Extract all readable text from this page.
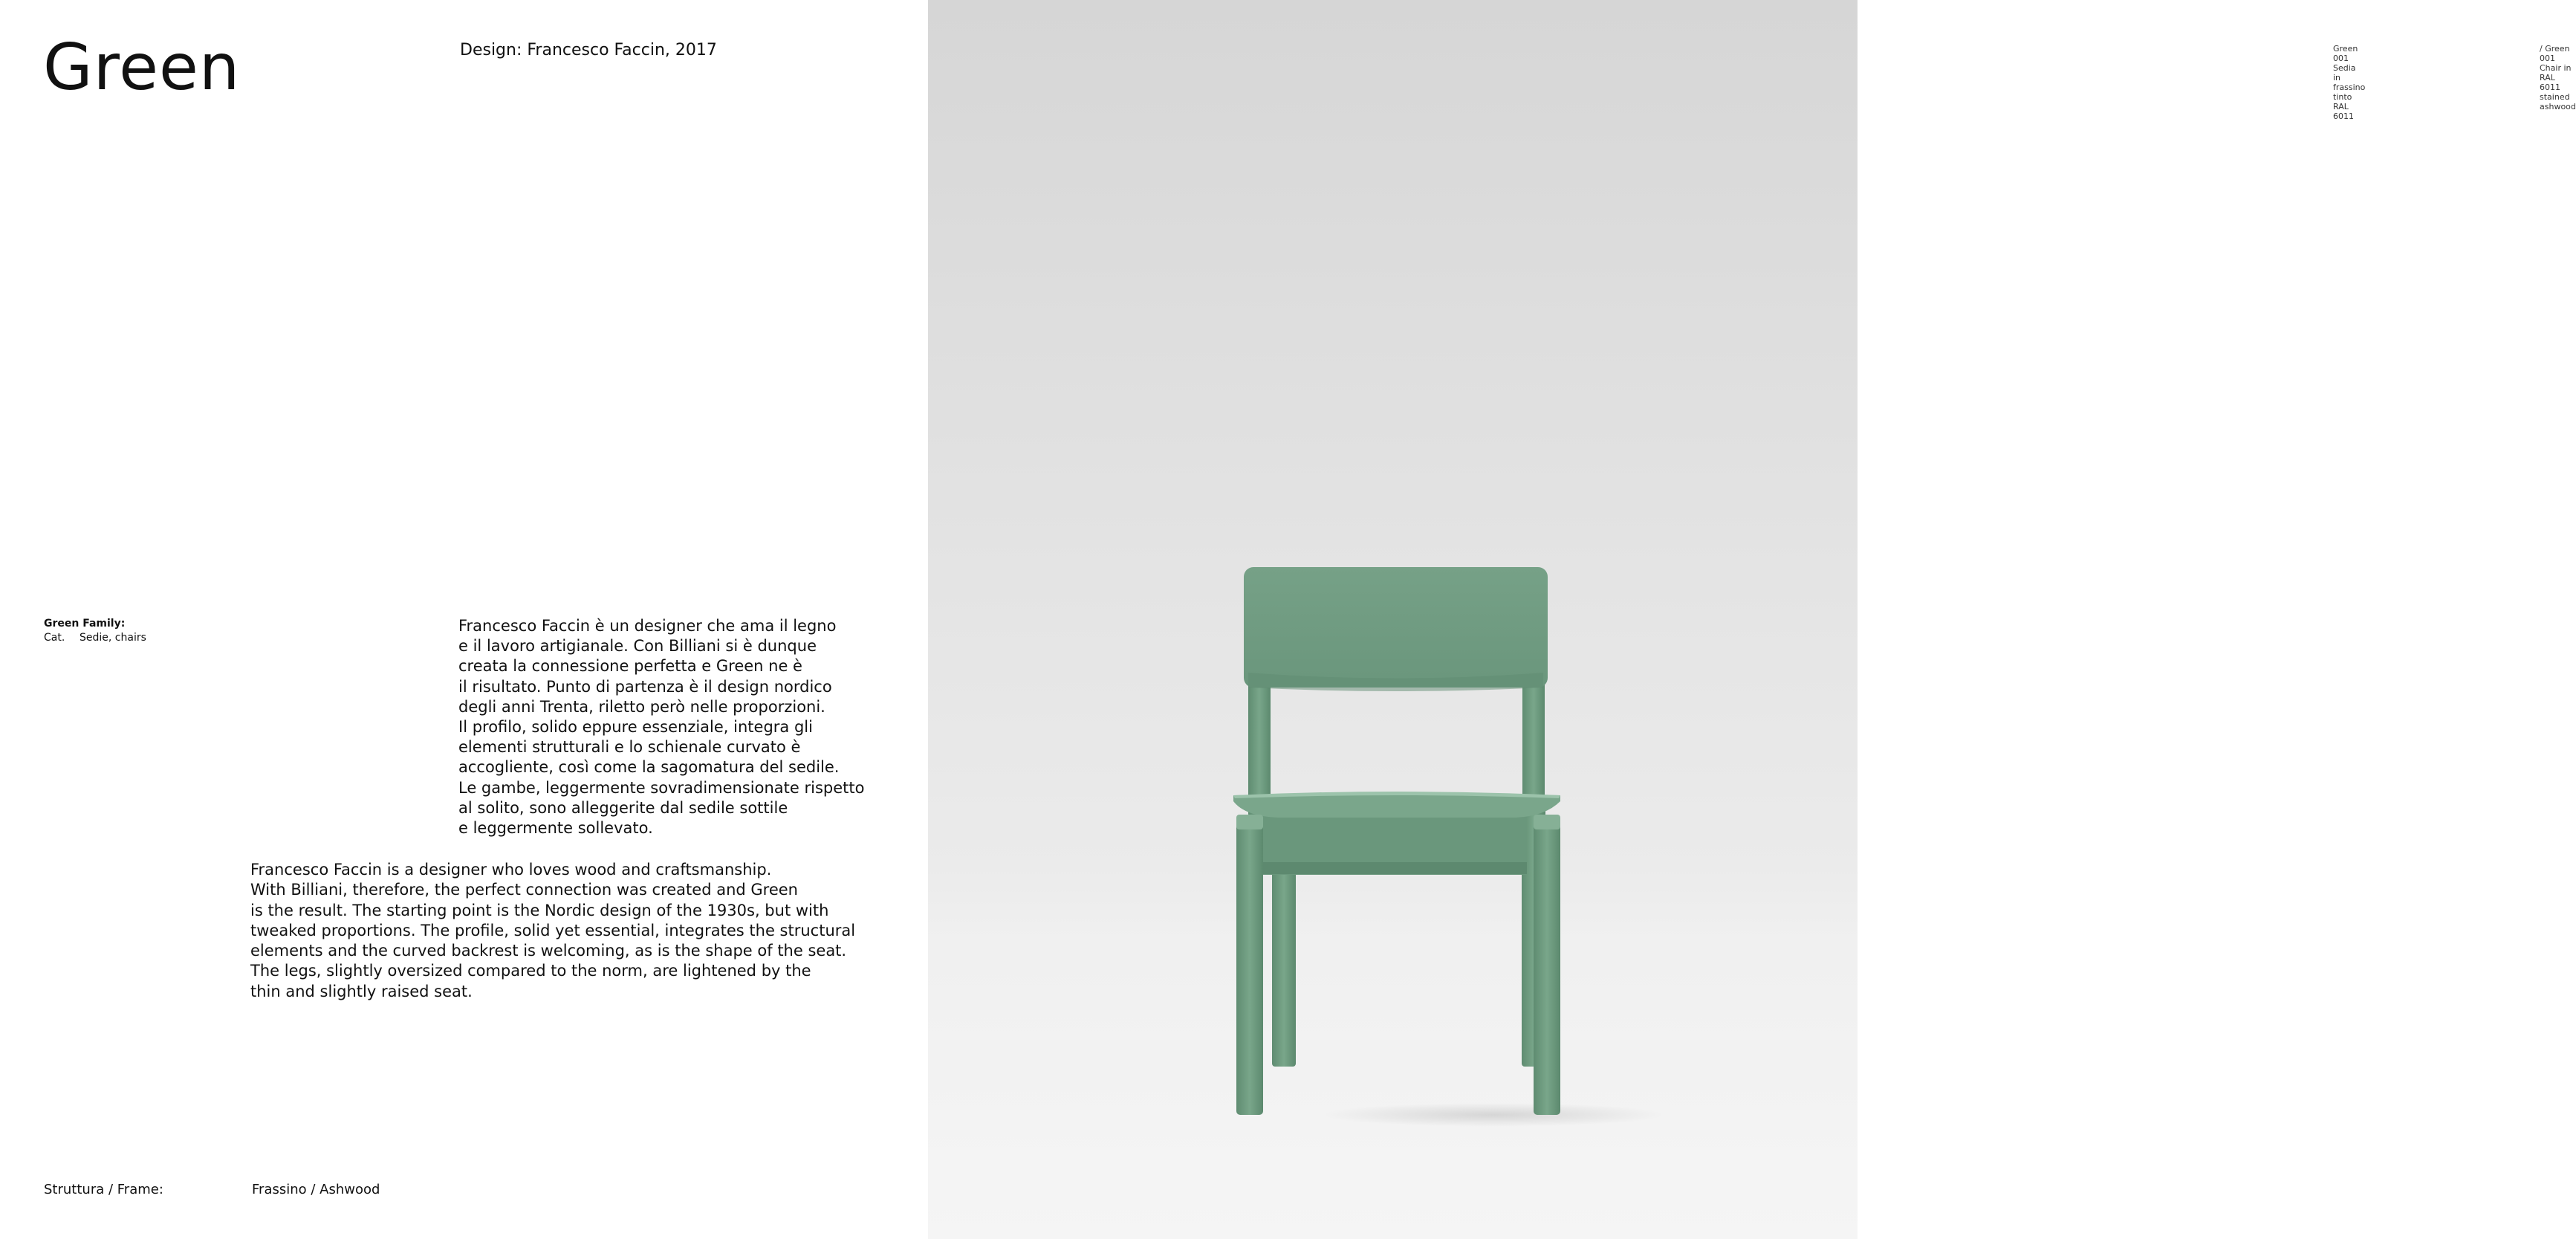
Green	Design: Francesco Faccin, 2017
Green Family:
Cat. Sedie, chairs

Francesco Faccin è un designer che ama il legno
e il lavoro artigianale. Con Billiani si è dunque
creata la connessione perfetta e Green ne è
il risultato. Punto di partenza è il design nordico
degli anni Trenta, riletto però nelle proporzioni.
Il profilo, solido eppure essenziale, integra gli
elementi strutturali e lo schienale curvato è
accogliente, così come la sagomatura del sedile.
Le gambe, leggermente sovradimensionate rispetto
al solito, sono alleggerite dal sedile sottile
e leggermente sollevato.

Francesco Faccin is a designer who loves wood and craftsmanship.
With Billiani, therefore, the perfect connection was created and Green
is the result. The starting point is the Nordic design of the 1930s, but with
tweaked proportions. The profile, solid yet essential, integrates the structural
elements and the curved backrest is welcoming, as is the shape of the seat.
The legs, slightly oversized compared to the norm, are lightened by the
thin and slightly raised seat.

Struttura / Frame:	Frassino / Ashwood
Green 001 Sedia in frassino tinto RAL 6011
/ Green 001 Chair in RAL 6011 stained ashwood
